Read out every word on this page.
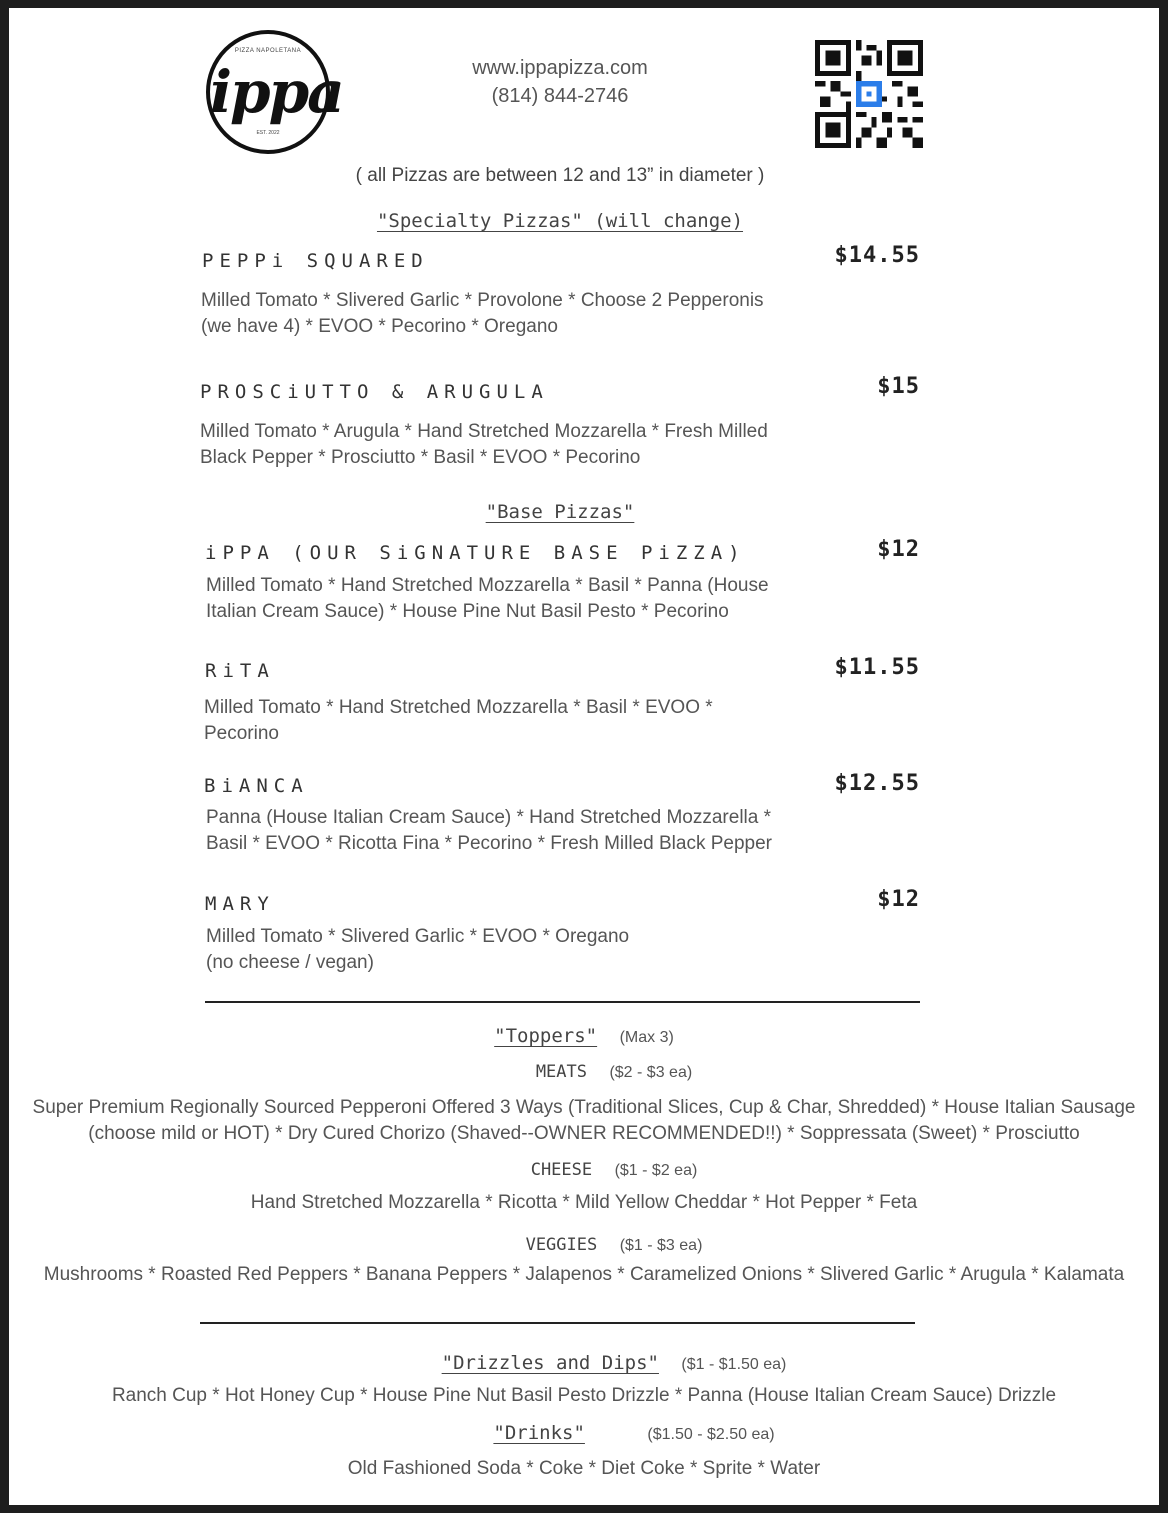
PIZZA NAPOLETANA
ippa
EST. 2022
www.ippapizza.com
(814) 844-2746
( all Pizzas are between 12 and 13” in diameter )
"Specialty Pizzas" (will change)
PEPPi SQUARED	$14.55
Milled Tomato * Slivered Garlic * Provolone * Choose 2 Pepperonis
(we have 4) * EVOO * Pecorino * Oregano
PROSCiUTTO & ARUGULA	$15
Milled Tomato * Arugula * Hand Stretched Mozzarella * Fresh Milled
Black Pepper * Prosciutto * Basil * EVOO * Pecorino
"Base Pizzas"
iPPA (OUR SiGNATURE BASE PiZZA)	$12
Milled Tomato * Hand Stretched Mozzarella * Basil * Panna (House
Italian Cream Sauce) * House Pine Nut Basil Pesto * Pecorino
RiTA	$11.55
Milled Tomato * Hand Stretched Mozzarella * Basil * EVOO *
Pecorino
BiANCA	$12.55
Panna (House Italian Cream Sauce) * Hand Stretched Mozzarella *
Basil * EVOO * Ricotta Fina * Pecorino * Fresh Milled Black Pepper
MARY	$12
Milled Tomato * Slivered Garlic * EVOO * Oregano
(no cheese / vegan)
"Toppers" (Max 3)
MEATS ($2 - $3 ea)
Super Premium Regionally Sourced Pepperoni Offered 3 Ways (Traditional Slices, Cup & Char, Shredded) * House Italian Sausage
(choose mild or HOT) * Dry Cured Chorizo (Shaved--OWNER RECOMMENDED!!) * Soppressata (Sweet) * Prosciutto
CHEESE ($1 - $2 ea)
Hand Stretched Mozzarella * Ricotta * Mild Yellow Cheddar * Hot Pepper * Feta
VEGGIES ($1 - $3 ea)
Mushrooms * Roasted Red Peppers * Banana Peppers * Jalapenos * Caramelized Onions * Slivered Garlic * Arugula * Kalamata
"Drizzles and Dips" ($1 - $1.50 ea)
Ranch Cup * Hot Honey Cup * House Pine Nut Basil Pesto Drizzle * Panna (House Italian Cream Sauce) Drizzle
"Drinks"	($1.50 - $2.50 ea)
Old Fashioned Soda * Coke * Diet Coke * Sprite * Water
